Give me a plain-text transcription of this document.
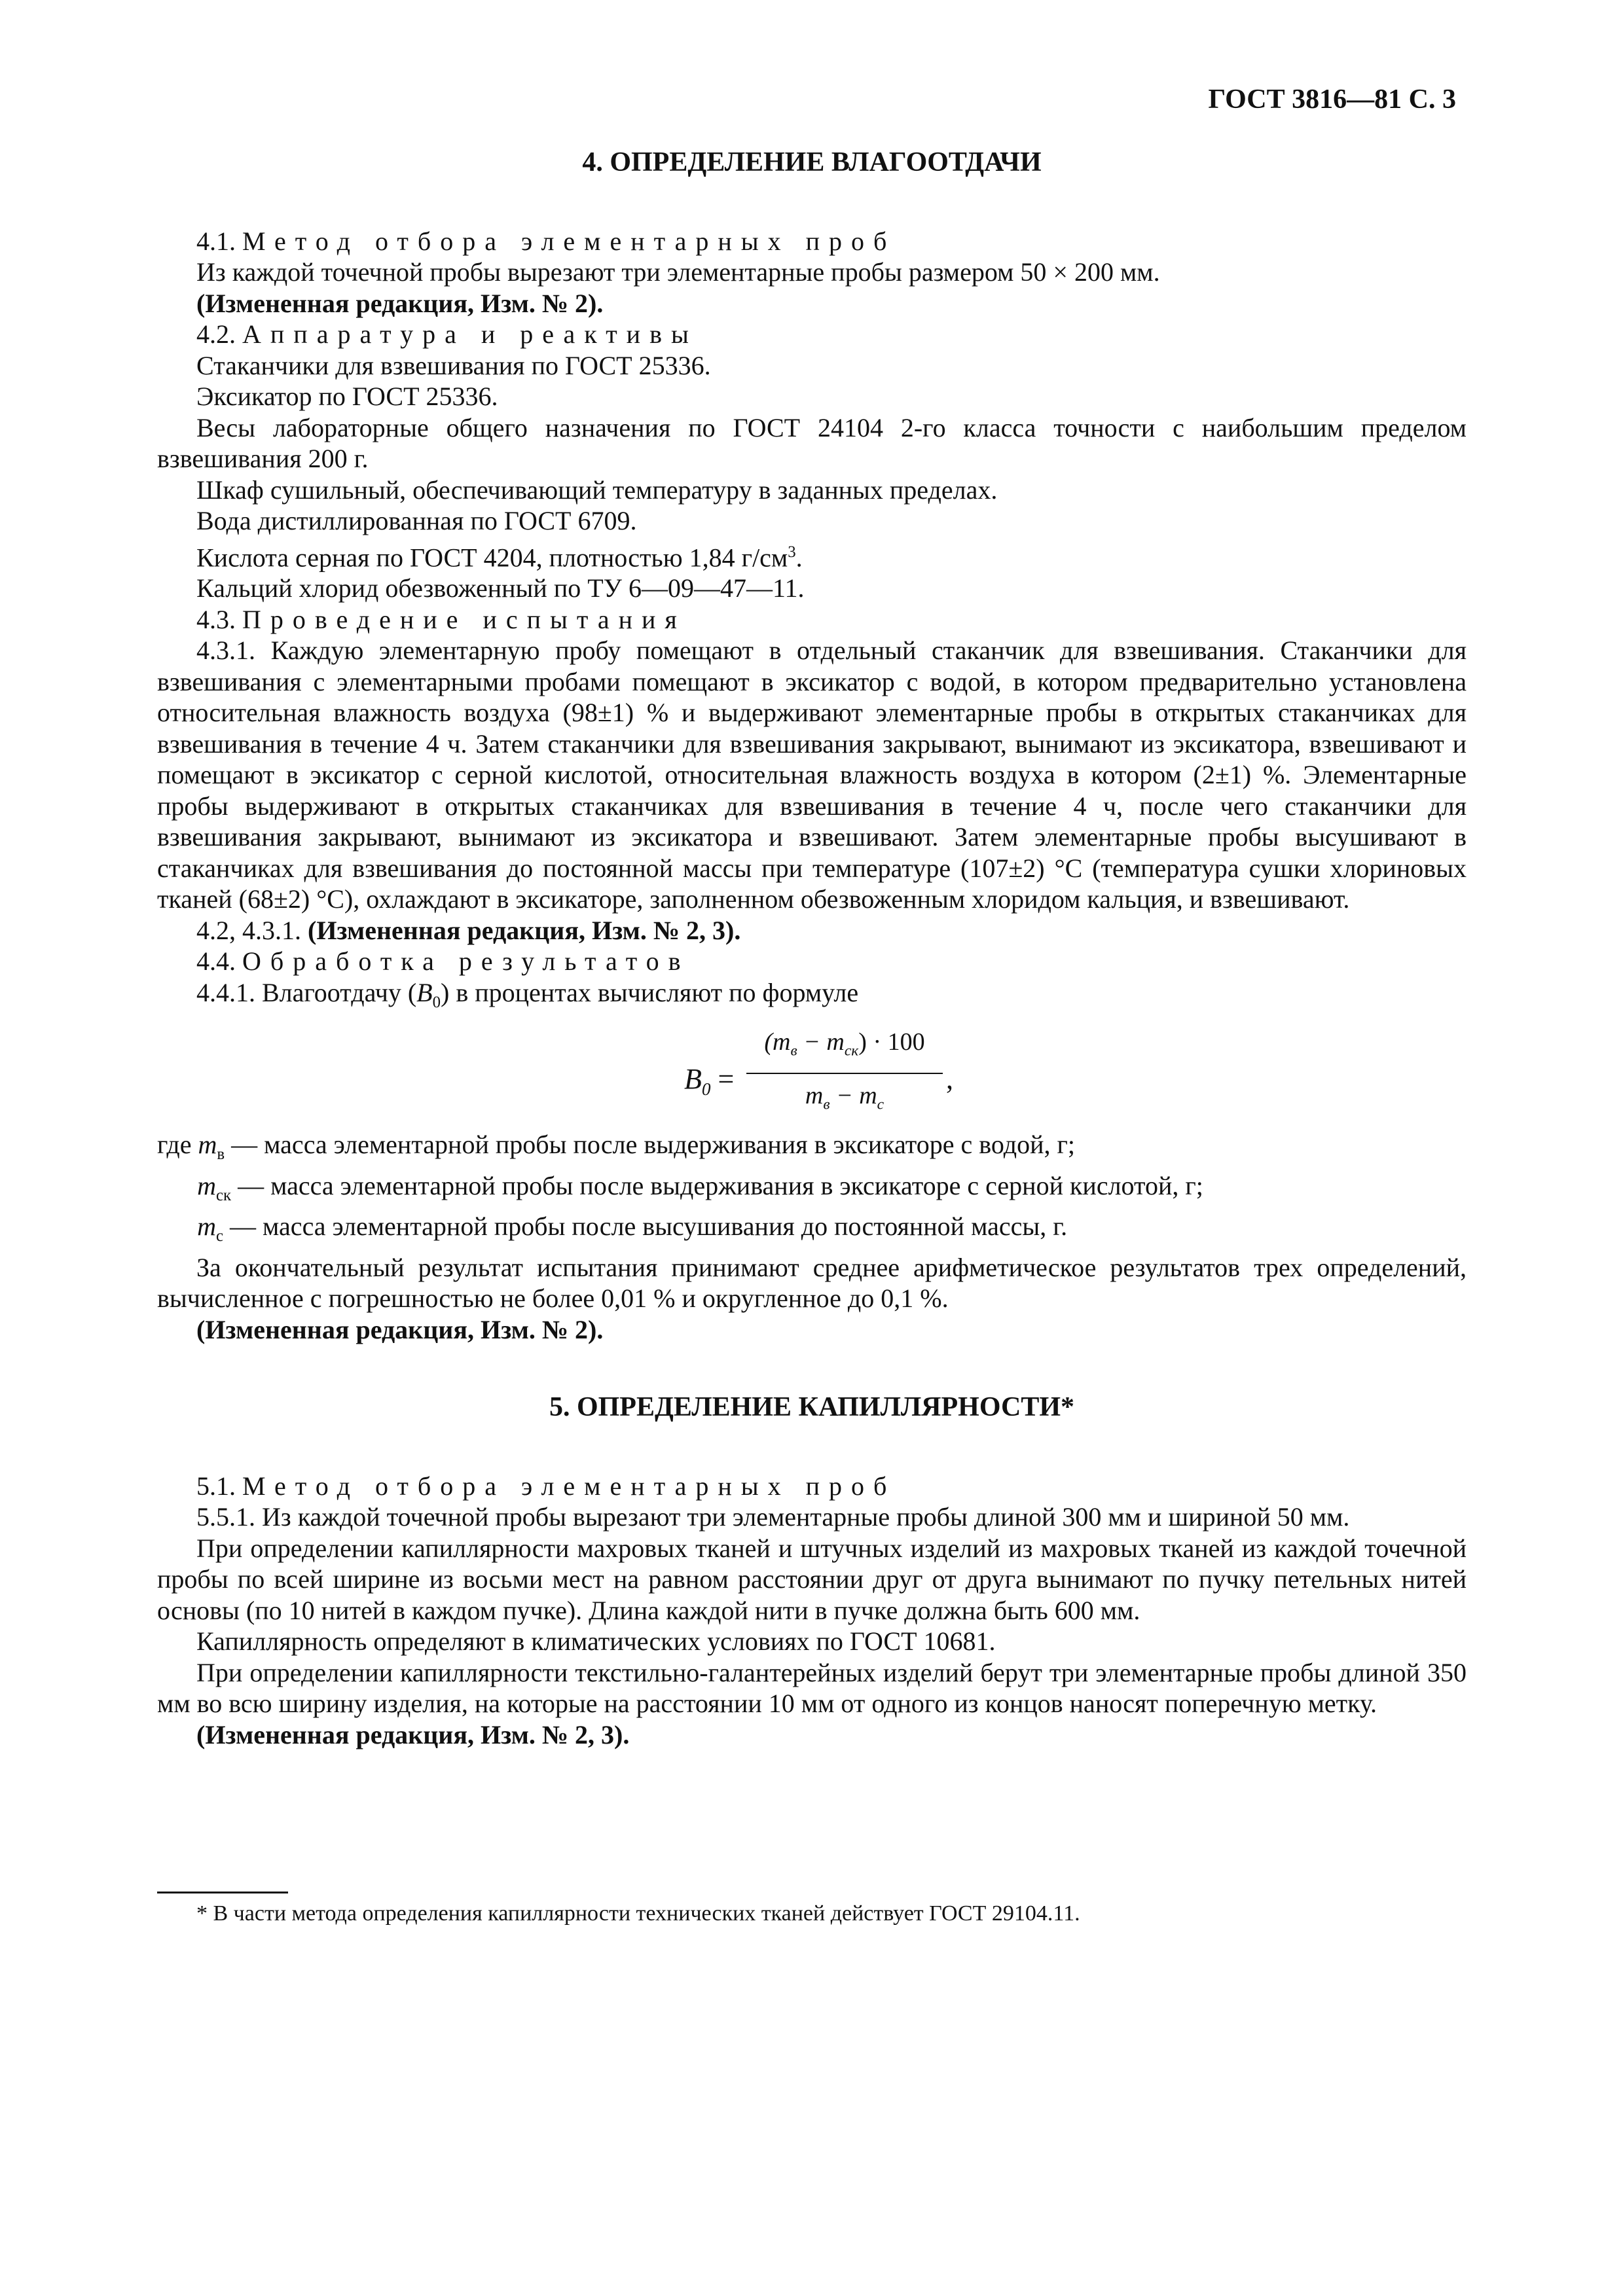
ГОСТ 3816—81 С. 3

4. ОПРЕДЕЛЕНИЕ ВЛАГООТДАЧИ

4.1. Метод отбора элементарных проб

Из каждой точечной пробы вырезают три элементарные пробы размером 50 × 200 мм.

(Измененная редакция, Изм. № 2).

4.2. Аппаратура и реактивы

Стаканчики для взвешивания по ГОСТ 25336.

Эксикатор по ГОСТ 25336.

Весы лабораторные общего назначения по ГОСТ 24104 2-го класса точности с наибольшим пределом взвешивания 200 г.

Шкаф сушильный, обеспечивающий температуру в заданных пределах.

Вода дистиллированная по ГОСТ 6709.

Кислота серная по ГОСТ 4204, плотностью 1,84 $г/см^3$.

Кальций хлорид обезвоженный по ТУ 6—09—47—11.

4.3. Проведение испытания

4.3.1. Каждую элементарную пробу помещают в отдельный стаканчик для взвешивания. Стаканчики для взвешивания с элементарными пробами помещают в эксикатор с водой, в котором предварительно установлена относительная влажность воздуха (98±1) % и выдерживают элементарные пробы в открытых стаканчиках для взвешивания в течение 4 ч. Затем стаканчики для взвешивания закрывают, вынимают из эксикатора, взвешивают и помещают в эксикатор с серной кислотой, относительная влажность воздуха в котором (2±1) %. Элементарные пробы выдерживают в открытых стаканчиках для взвешивания в течение 4 ч, после чего стаканчики для взвешивания закрывают, вынимают из эксикатора и взвешивают. Затем элементарные пробы высушивают в стаканчиках для взвешивания до постоянной массы при температуре (107±2) °С (температура сушки хлориновых тканей (68±2) °С), охлаждают в эксикаторе, заполненном обезвоженным хлоридом кальция, и взвешивают.

4.2, 4.3.1. (Измененная редакция, Изм. № 2, 3).

4.4. Обработка результатов

4.4.1. Влагоотдачу $(B_0)$ в процентах вычисляют по формуле

$B_0$ =
$(m_в - m_{ск}) \cdot 100$
$m_в - m_с$
,

где $m_в$ — масса элементарной пробы после выдерживания в эксикаторе с водой, г;

$m_{ск}$ — масса элементарной пробы после выдерживания в эксикаторе с серной кислотой, г;

$m_с$ — масса элементарной пробы после высушивания до постоянной массы, г.

За окончательный результат испытания принимают среднее арифметическое результатов трех определений, вычисленное с погрешностью не более 0,01 % и округленное до 0,1 %.

(Измененная редакция, Изм. № 2).

5. ОПРЕДЕЛЕНИЕ КАПИЛЛЯРНОСТИ*

5.1. Метод отбора элементарных проб

5.5.1. Из каждой точечной пробы вырезают три элементарные пробы длиной 300 мм и шириной 50 мм.

При определении капиллярности махровых тканей и штучных изделий из махровых тканей из каждой точечной пробы по всей ширине из восьми мест на равном расстоянии друг от друга вынимают по пучку петельных нитей основы (по 10 нитей в каждом пучке). Длина каждой нити в пучке должна быть 600 мм.

Капиллярность определяют в климатических условиях по ГОСТ 10681.

При определении капиллярности текстильно-галантерейных изделий берут три элементарные пробы длиной 350 мм во всю ширину изделия, на которые на расстоянии 10 мм от одного из концов наносят поперечную метку.

(Измененная редакция, Изм. № 2, 3).

* В части метода определения капиллярности технических тканей действует ГОСТ 29104.11.
